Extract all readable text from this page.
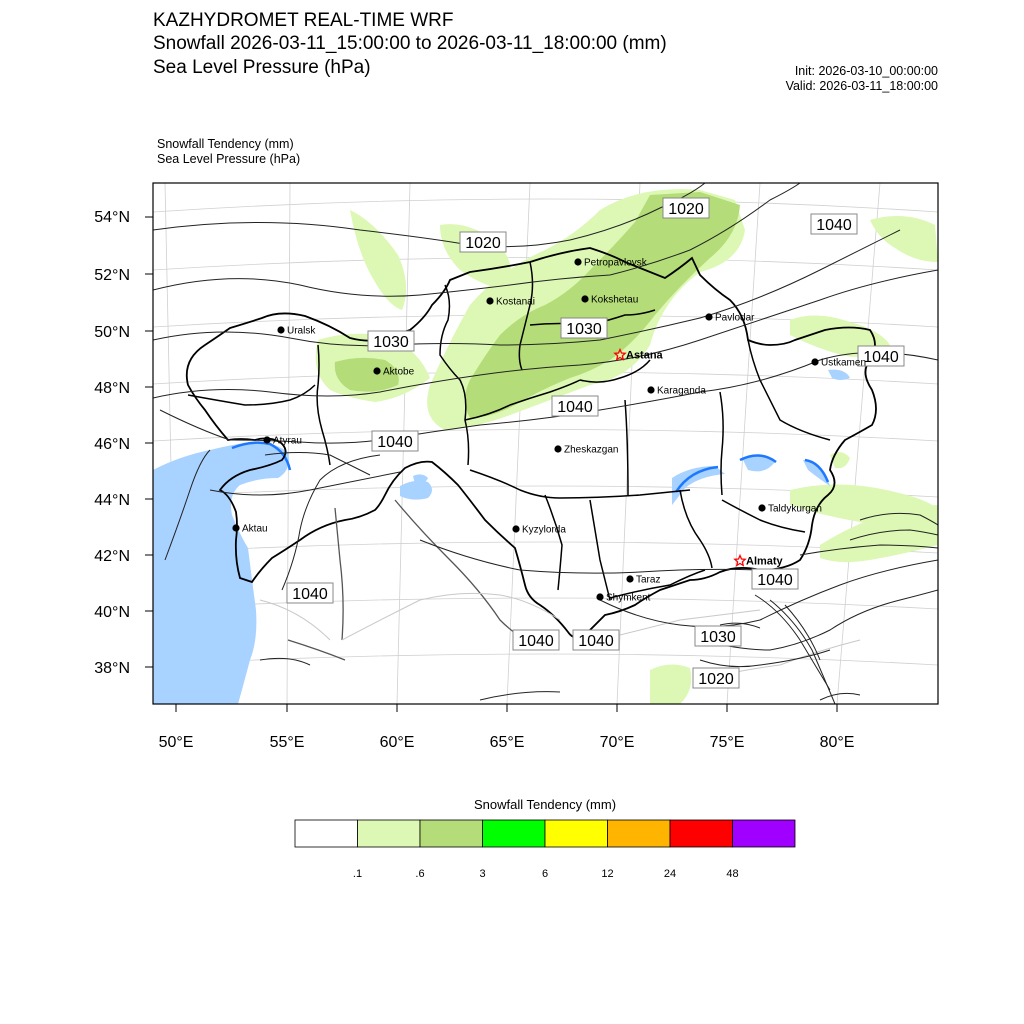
KAZHYDROMET REAL-TIME WRF
Snowfall 2026-03-11_15:00:00 to 2026-03-11_18:00:00 (mm)
Sea Level Pressure (hPa)	Init: 2026-03-10_00:00:00
Valid: 2026-03-11_18:00:00
Snowfall Tendency (mm)
Sea Level Pressure (hPa)
54°N
52°N
50°N
48°N
46°N
44°N
42°N
40°N
38°N
50°E	55°E	60°E	65°E	70°E	75°E	80°E
1020
1020
1040
1030
1030
1040
1040
1040
1040
1040
1040 1040	1030
1020
Petropavlovsk
Kostanai	Kokshetau
Uralsk
Pavlodar
Astana
Aktobe
Ustkamen
Karaganda
Atyrau
Zheskazgan
Taldykurgan
Aktau	Kyzylorda
Almaty
Taraz
Shymkent
Snowfall Tendency (mm)
.1	.6	3	6	12	24	48
